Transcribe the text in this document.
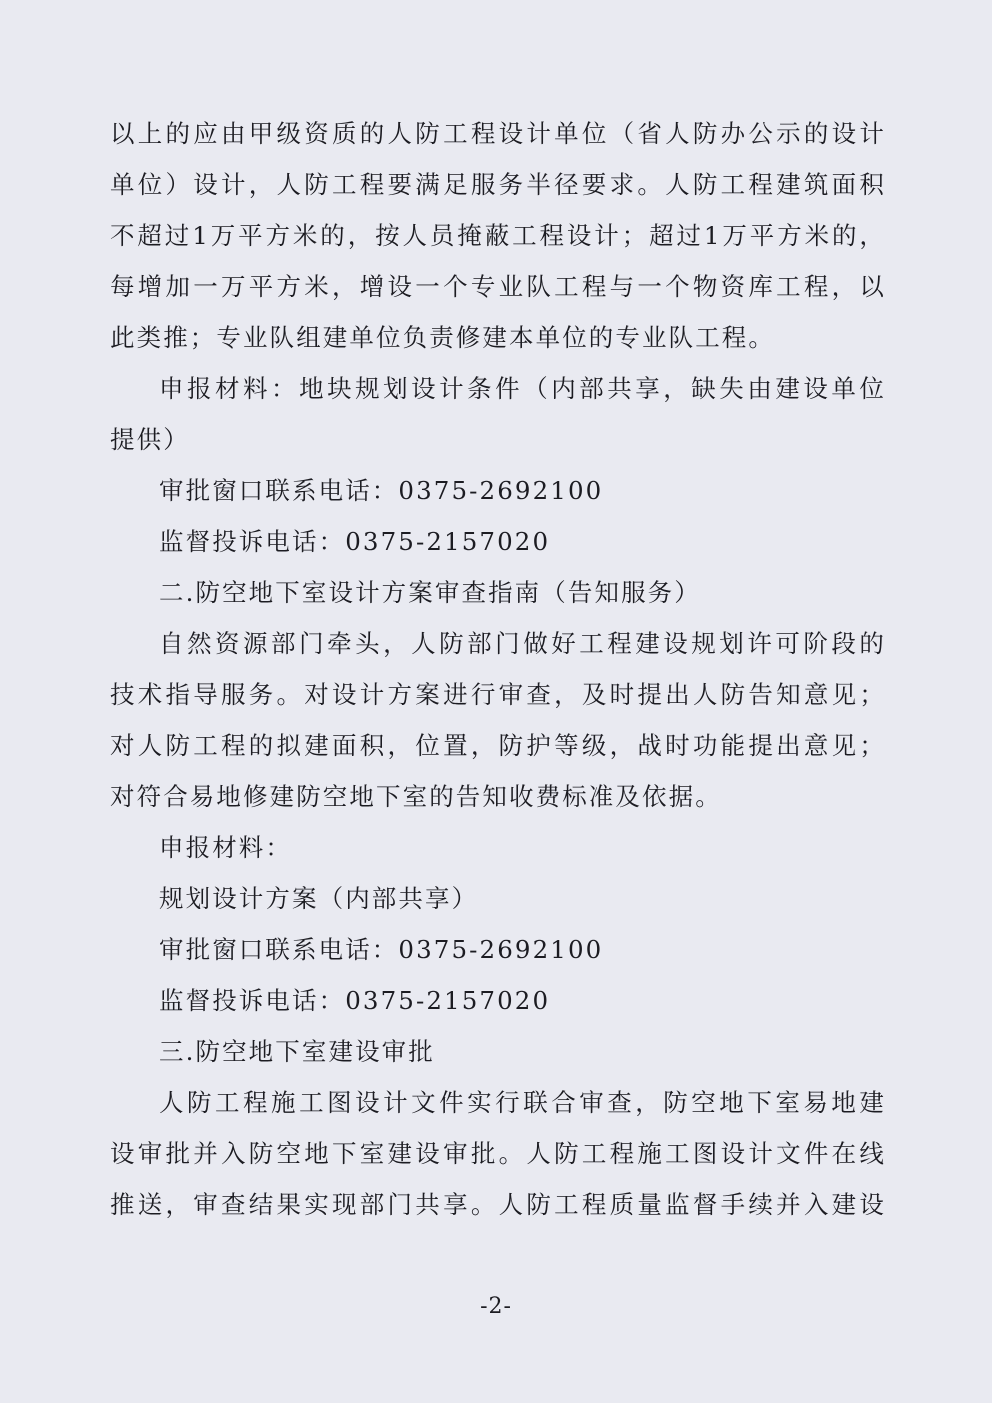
以上的应由甲级资质的人防工程设计单位（省人防办公示的设计
单位）设计，人防工程要满足服务半径要求。人防工程建筑面积
不超过1万平方米的，按人员掩蔽工程设计；超过1万平方米的，
每增加一万平方米，增设一个专业队工程与一个物资库工程，以
此类推；专业队组建单位负责修建本单位的专业队工程。
申报材料：地块规划设计条件（内部共享，缺失由建设单位
提供）
审批窗口联系电话：0375-2692100
监督投诉电话：0375-2157020
二.防空地下室设计方案审查指南（告知服务）
自然资源部门牵头，人防部门做好工程建设规划许可阶段的
技术指导服务。对设计方案进行审查，及时提出人防告知意见；
对人防工程的拟建面积，位置，防护等级，战时功能提出意见；
对符合易地修建防空地下室的告知收费标准及依据。
申报材料：
规划设计方案（内部共享）
审批窗口联系电话：0375-2692100
监督投诉电话：0375-2157020
三.防空地下室建设审批
人防工程施工图设计文件实行联合审查，防空地下室易地建
设审批并入防空地下室建设审批。人防工程施工图设计文件在线
推送，审查结果实现部门共享。人防工程质量监督手续并入建设
-2-
